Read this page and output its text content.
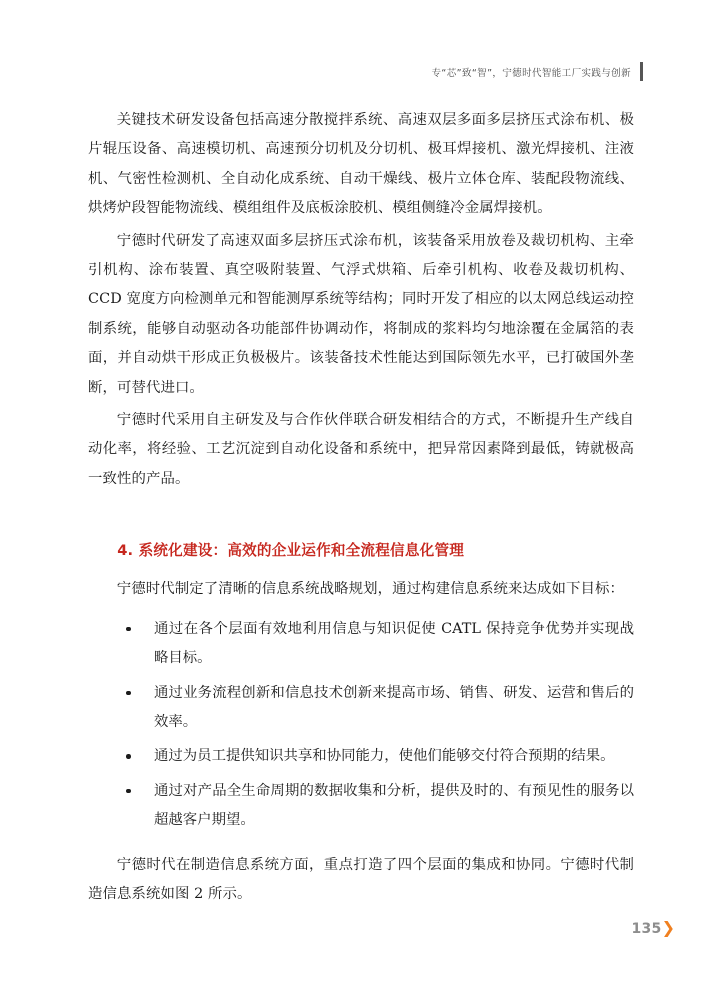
专“芯”致“智”，宁德时代智能工厂实践与创新

关键技术研发设备包括高速分散搅拌系统、高速双层多面多层挤压式涂布机、极片辊压设备、高速模切机、高速预分切机及分切机、极耳焊接机、激光焊接机、注液机、气密性检测机、全自动化成系统、自动干燥线、极片立体仓库、装配段物流线、烘烤炉段智能物流线、模组组件及底板涂胶机、模组侧缝冷金属焊接机。

宁德时代研发了高速双面多层挤压式涂布机，该装备采用放卷及裁切机构、主牵引机构、涂布装置、真空吸附装置、气浮式烘箱、后牵引机构、收卷及裁切机构、CCD 宽度方向检测单元和智能测厚系统等结构；同时开发了相应的以太网总线运动控制系统，能够自动驱动各功能部件协调动作，将制成的浆料均匀地涂覆在金属箔的表面，并自动烘干形成正负极极片。该装备技术性能达到国际领先水平，已打破国外垄断，可替代进口。

宁德时代采用自主研发及与合作伙伴联合研发相结合的方式，不断提升生产线自动化率，将经验、工艺沉淀到自动化设备和系统中，把异常因素降到最低，铸就极高一致性的产品。

4. 系统化建设：高效的企业运作和全流程信息化管理

宁德时代制定了清晰的信息系统战略规划，通过构建信息系统来达成如下目标：

通过在各个层面有效地利用信息与知识促使 CATL 保持竞争优势并实现战略目标。
通过业务流程创新和信息技术创新来提高市场、销售、研发、运营和售后的效率。
通过为员工提供知识共享和协同能力，使他们能够交付符合预期的结果。
通过对产品全生命周期的数据收集和分析，提供及时的、有预见性的服务以超越客户期望。

宁德时代在制造信息系统方面，重点打造了四个层面的集成和协同。宁德时代制造信息系统如图 2 所示。

135 ❯
